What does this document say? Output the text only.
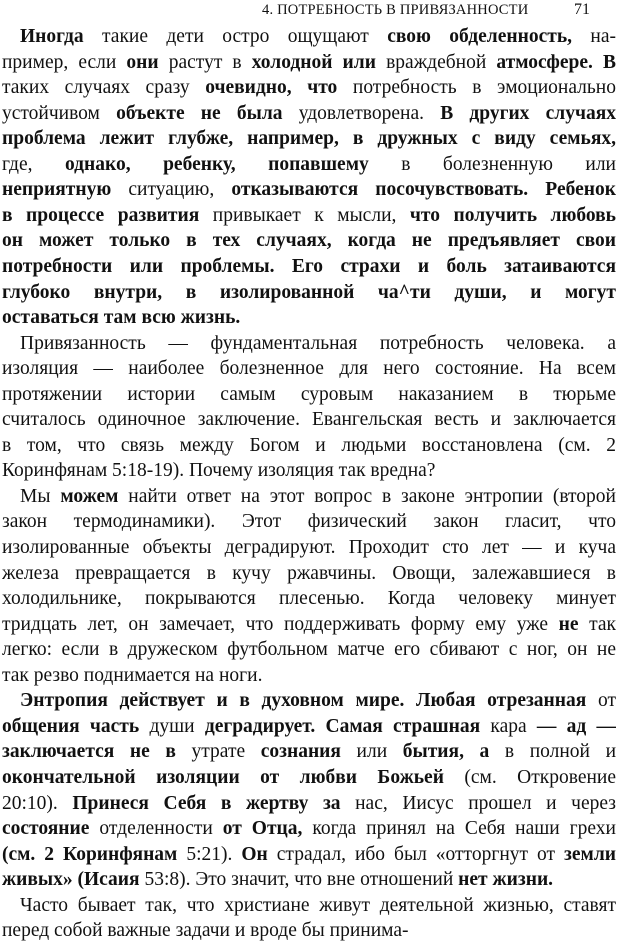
4. ПОТРЕБНОСТЬ В ПРИВЯЗАННОСТИ	71
Иногда такие дети остро ощущают свою обделенность, на-
пример, если они растут в холодной или враждебной атмосфере. В
таких случаях сразу очевидно, что потребность в эмоционально
устойчивом объекте не была удовлетворена. В других случаях
проблема лежит глубже, например, в дружных с виду семьях,
где, однако, ребенку, попавшему в болезненную или
неприятную ситуацию, отказываются посочувствовать. Ребенок
в процессе развития привыкает к мысли, что получить любовь
он может только в тех случаях, когда не предъявляет свои
потребности или проблемы. Его страхи и боль затаиваются
глубоко внутри, в изолированной ча^ти души, и могут
оставаться там всю жизнь.
Привязанность — фундаментальная потребность человека. а
изоляция — наиболее болезненное для него состояние. На всем
протяжении истории самым суровым наказанием в тюрьме
считалось одиночное заключение. Евангельская весть и заключается
в том, что связь между Богом и людьми восстановлена (см. 2
Коринфянам 5:18-19). Почему изоляция так вредна?
Мы можем найти ответ на этот вопрос в законе энтропии (второй
закон термодинамики). Этот физический закон гласит, что
изолированные объекты деградируют. Проходит сто лет — и куча
железа превращается в кучу ржавчины. Овощи, залежавшиеся в
холодильнике, покрываются плесенью. Когда человеку минует
тридцать лет, он замечает, что поддерживать форму ему уже не так
легко: если в дружеском футбольном матче его сбивают с ног, он не
так резво поднимается на ноги.
Энтропия действует и в духовном мире. Любая отрезанная от
общения часть души деградирует. Самая страшная кара — ад —
заключается не в утрате сознания или бытия, а в полной и
окончательной изоляции от любви Божьей (см. Откровение
20:10). Принеся Себя в жертву за нас, Иисус прошел и через
состояние отделенности от Отца, когда принял на Себя наши грехи
(см. 2 Коринфянам 5:21). Он страдал, ибо был «отторгнут от земли
живых» (Исаия 53:8). Это значит, что вне отношений нет жизни.
Часто бывает так, что христиане живут деятельной жизнью, ставят
перед собой важные задачи и вроде бы принима-
